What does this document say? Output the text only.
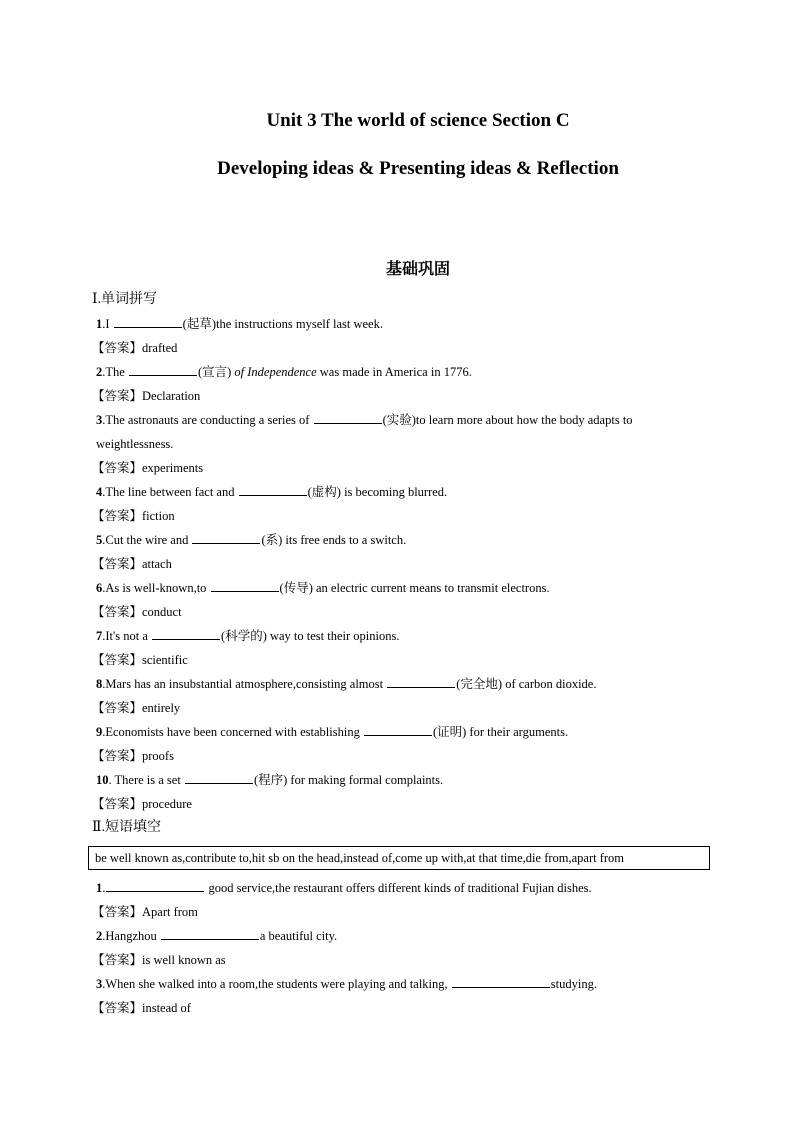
Unit 3 The world of science Section C
Developing ideas & Presenting ideas & Reflection
基础巩固
Ⅰ.单词拼写
1.I	(起草)the instructions myself last week.
【答案】drafted
2.The	(宣言) of Independence was made in America in 1776.
【答案】Declaration
3.The astronauts are conducting a series of	(实验)to learn more about how the body adapts to
weightlessness.
【答案】experiments
4.The line between fact and	(虚构) is becoming blurred.
【答案】fiction
5.Cut the wire and	(系) its free ends to a switch.
【答案】attach
6.As is well-known,to	(传导) an electric current means to transmit electrons.
【答案】conduct
7.It's not a	(科学的) way to test their opinions.
【答案】scientific
8.Mars has an insubstantial atmosphere,consisting almost	(完全地) of carbon dioxide.
【答案】entirely
9.Economists have been concerned with establishing	(证明) for their arguments.
【答案】proofs
10. There is a set	(程序) for making formal complaints.
【答案】procedure
Ⅱ.短语填空
be well known as,contribute to,hit sb on the head,instead of,come up with,at that time,die from,apart from
1.	good service,the restaurant offers different kinds of traditional Fujian dishes.
【答案】Apart from
2.Hangzhou	a beautiful city.
【答案】is well known as
3.When she walked into a room,the students were playing and talking,	studying.
【答案】instead of
